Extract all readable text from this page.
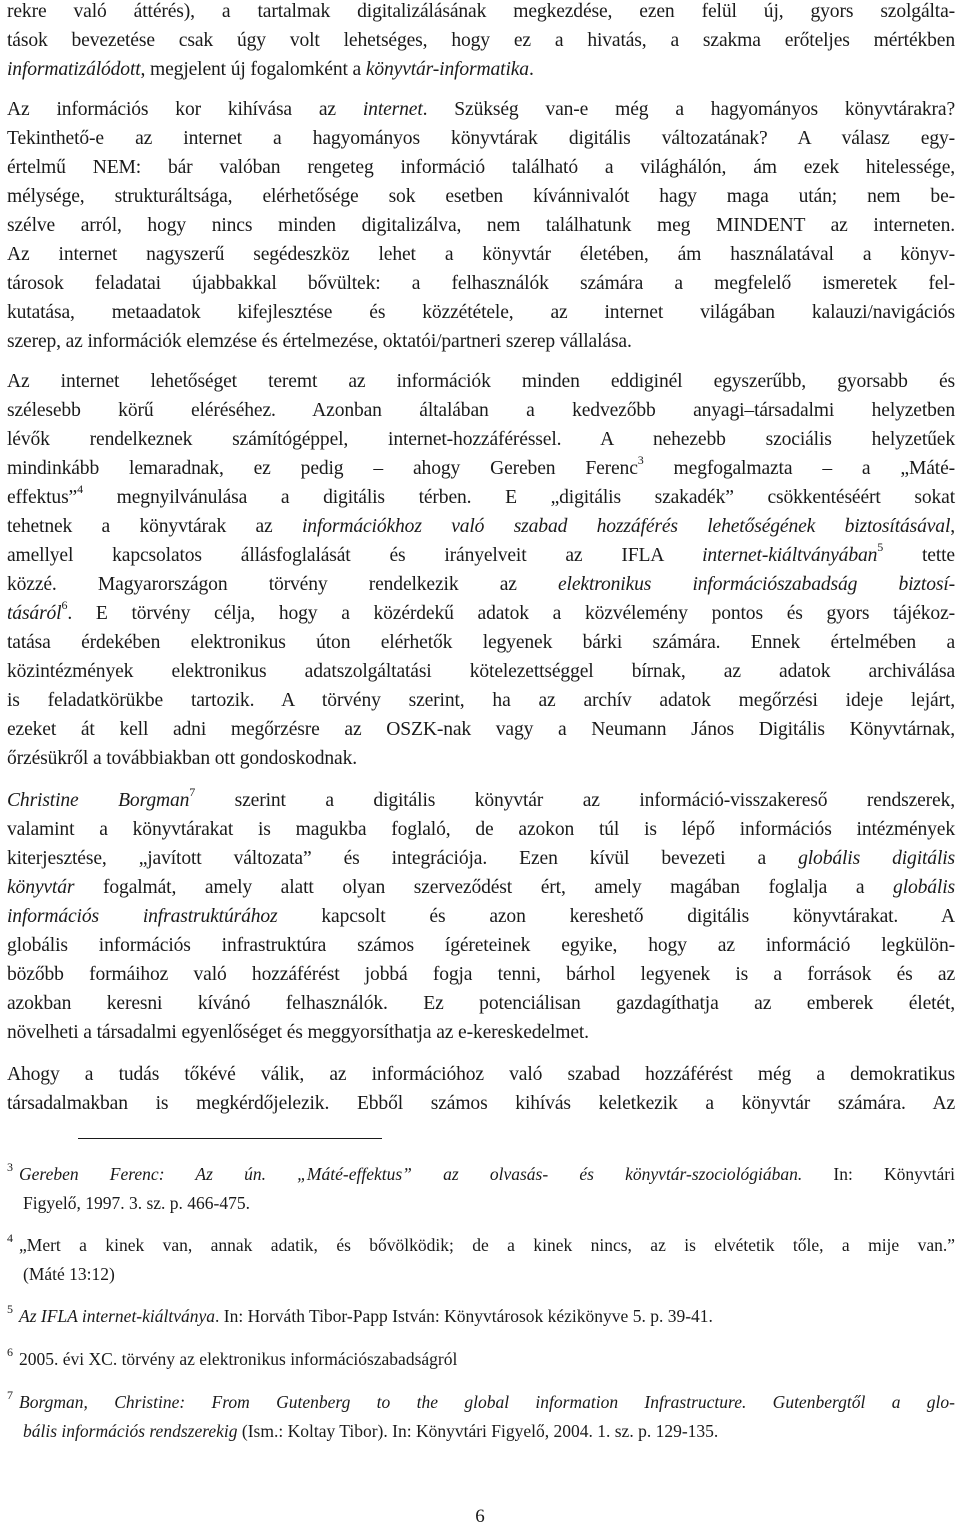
rekre való áttérés), a tartalmak digitalizálásának megkezdése, ezen felül új, gyors szolgálta-
tások bevezetése csak úgy volt lehetséges, hogy ez a hivatás, a szakma erőteljes mértékben
informatizálódott, megjelent új fogalomként a könyvtár-informatika.
Az információs kor kihívása az internet. Szükség van-e még a hagyományos könyvtárakra?
Tekinthető-e az internet a hagyományos könyvtárak digitális változatának? A válasz egy-
értelmű NEM: bár valóban rengeteg információ található a világhálón, ám ezek hitelessége,
mélysége, strukturáltsága, elérhetősége sok esetben kívánnivalót hagy maga után; nem be-
szélve arról, hogy nincs minden digitalizálva, nem találhatunk meg MINDENT az interneten.
Az internet nagyszerű segédeszköz lehet a könyvtár életében, ám használatával a könyv-
tárosok feladatai újabbakkal bővültek: a felhasználók számára a megfelelő ismeretek fel-
kutatása, metaadatok kifejlesztése és közzététele, az internet világában kalauzi/navigációs
szerep, az információk elemzése és értelmezése, oktatói/partneri szerep vállalása.
Az internet lehetőséget teremt az információk minden eddiginél egyszerűbb, gyorsabb és
szélesebb körű eléréséhez. Azonban általában a kedvezőbb anyagi–társadalmi helyzetben
lévők rendelkeznek számítógéppel, internet-hozzáféréssel. A nehezebb szociális helyzetűek
mindinkább lemaradnak, ez pedig – ahogy Gereben Ferenc$^3$ megfogalmazta – a „Máté-
effektus”$^4$ megnyilvánulása a digitális térben. E „digitális szakadék” csökkentéséért sokat
tehetnek a könyvtárak az információkhoz való szabad hozzáférés lehetőségének biztosításával,
amellyel kapcsolatos állásfoglalását és irányelveit az IFLA internet-kiáltványában$^5$ tette
közzé. Magyarországon törvény rendelkezik az elektronikus információszabadság biztosí-
tásáról$^6$. E törvény célja, hogy a közérdekű adatok a közvélemény pontos és gyors tájékoz-
tatása érdekében elektronikus úton elérhetők legyenek bárki számára. Ennek értelmében a
közintézmények elektronikus adatszolgáltatási kötelezettséggel bírnak, az adatok archiválása
is feladatkörükbe tartozik. A törvény szerint, ha az archív adatok megőrzési ideje lejárt,
ezeket át kell adni megőrzésre az OSZK-nak vagy a Neumann János Digitális Könyvtárnak,
őrzésükről a továbbiakban ott gondoskodnak.
Christine Borgman$^7$ szerint a digitális könyvtár az információ-visszakereső rendszerek,
valamint a könyvtárakat is magukba foglaló, de azokon túl is lépő információs intézmények
kiterjesztése, „javított változata” és integrációja. Ezen kívül bevezeti a globális digitális
könyvtár fogalmát, amely alatt olyan szerveződést ért, amely magában foglalja a globális
információs infrastruktúrához kapcsolt és azon kereshető digitális könyvtárakat. A
globális információs infrastruktúra számos ígéreteinek egyike, hogy az információ legkülön-
bözőbb formáihoz való hozzáférést jobbá fogja tenni, bárhol legyenek is a források és az
azokban keresni kívánó felhasználók. Ez potenciálisan gazdagíthatja az emberek életét,
növelheti a társadalmi egyenlőséget és meggyorsíthatja az e-kereskedelmet.
Ahogy a tudás tőkévé válik, az információhoz való szabad hozzáférést még a demokratikus
társadalmakban is megkérdőjelezik. Ebből számos kihívás keletkezik a könyvtár számára. Az
$^3$ Gereben Ferenc: Az ún. „Máté-effektus” az olvasás- és könyvtár-szociológiában. In: Könyvtári
Figyelő, 1997. 3. sz. p. 466-475.
$^4$ „Mert a kinek van, annak adatik, és bővölködik; de a kinek nincs, az is elvétetik tőle, a mije van.”
(Máté 13:12)
$^5$ Az IFLA internet-kiáltványa. In: Horváth Tibor-Papp István: Könyvtárosok kézikönyve 5. p. 39-41.
$^6$ 2005. évi XC. törvény az elektronikus információszabadságról
$^7$ Borgman, Christine: From Gutenberg to the global information Infrastructure. Gutenbergtől a glo-
bális információs rendszerekig (Ism.: Koltay Tibor). In: Könyvtári Figyelő, 2004. 1. sz. p. 129-135.
6
